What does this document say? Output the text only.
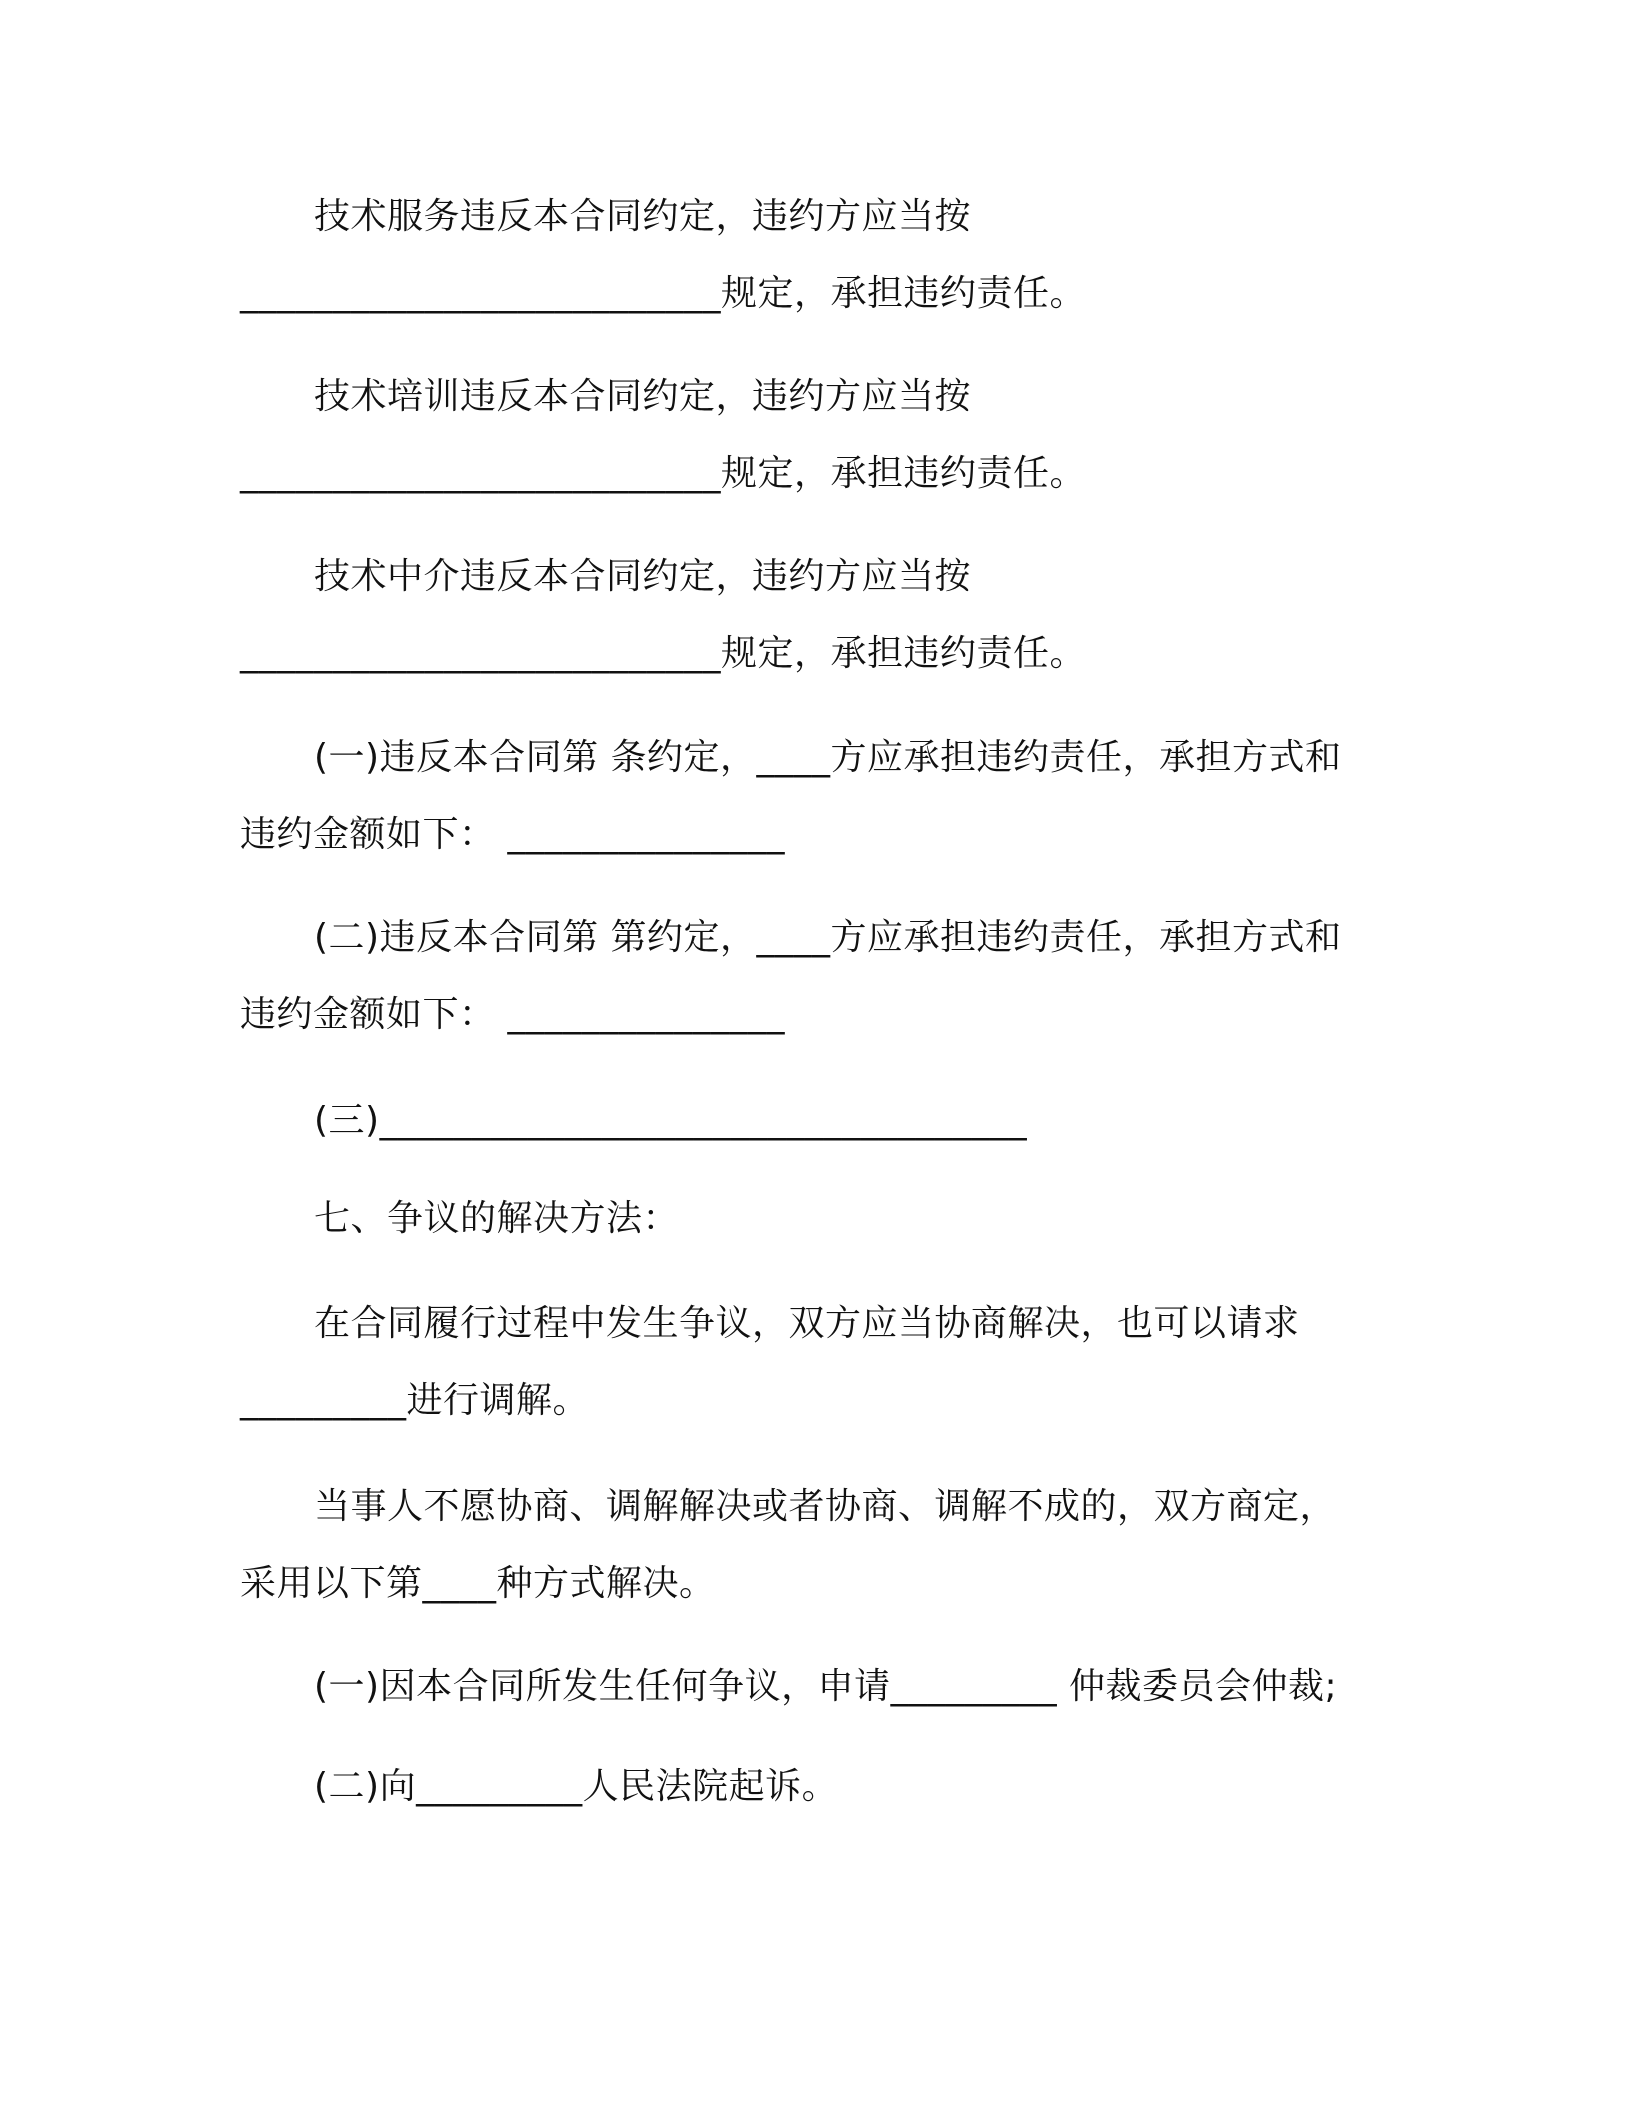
技术服务违反本合同约定，违约方应当按
__________________________规定，承担违约责任。
技术培训违反本合同约定，违约方应当按
__________________________规定，承担违约责任。
技术中介违反本合同约定，违约方应当按
__________________________规定，承担违约责任。
(一)违反本合同第 条约定，____方应承担违约责任，承担方式和
违约金额如下： _______________
(二)违反本合同第 第约定，____方应承担违约责任，承担方式和
违约金额如下： _______________
(三)___________________________________
七、争议的解决方法：
在合同履行过程中发生争议，双方应当协商解决，也可以请求
_________进行调解。
当事人不愿协商、调解解决或者协商、调解不成的，双方商定，
采用以下第____种方式解决。
(一)因本合同所发生任何争议，申请_________ 仲裁委员会仲裁;
(二)向_________人民法院起诉。
